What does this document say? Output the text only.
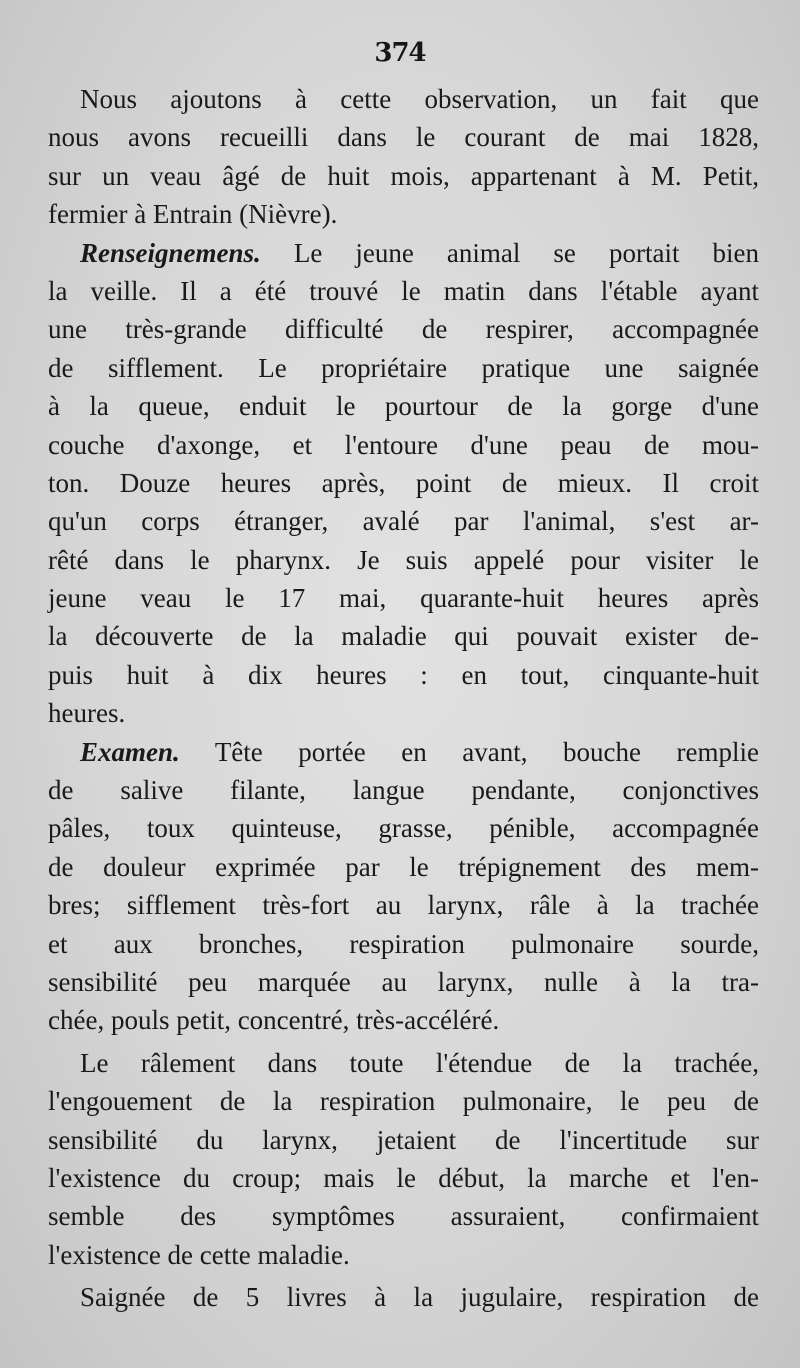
374
Nous ajoutons à cette observation, un fait que
nous avons recueilli dans le courant de mai 1828,
sur un veau âgé de huit mois, appartenant à M. Petit,
fermier à Entrain (Nièvre).
Renseignemens. Le jeune animal se portait bien
la veille. Il a été trouvé le matin dans l'étable ayant
une très-grande difficulté de respirer, accompagnée
de sifflement. Le propriétaire pratique une saignée
à la queue, enduit le pourtour de la gorge d'une
couche d'axonge, et l'entoure d'une peau de mou-
ton. Douze heures après, point de mieux. Il croit
qu'un corps étranger, avalé par l'animal, s'est ar-
rêté dans le pharynx. Je suis appelé pour visiter le
jeune veau le 17 mai, quarante-huit heures après
la découverte de la maladie qui pouvait exister de-
puis huit à dix heures : en tout, cinquante-huit
heures.
Examen. Tête portée en avant, bouche remplie
de salive filante, langue pendante, conjonctives
pâles, toux quinteuse, grasse, pénible, accompagnée
de douleur exprimée par le trépignement des mem-
bres; sifflement très-fort au larynx, râle à la trachée
et aux bronches, respiration pulmonaire sourde,
sensibilité peu marquée au larynx, nulle à la tra-
chée, pouls petit, concentré, très-accéléré.
Le râlement dans toute l'étendue de la trachée,
l'engouement de la respiration pulmonaire, le peu de
sensibilité du larynx, jetaient de l'incertitude sur
l'existence du croup; mais le début, la marche et l'en-
semble des symptômes assuraient, confirmaient
l'existence de cette maladie.
Saignée de 5 livres à la jugulaire, respiration de
